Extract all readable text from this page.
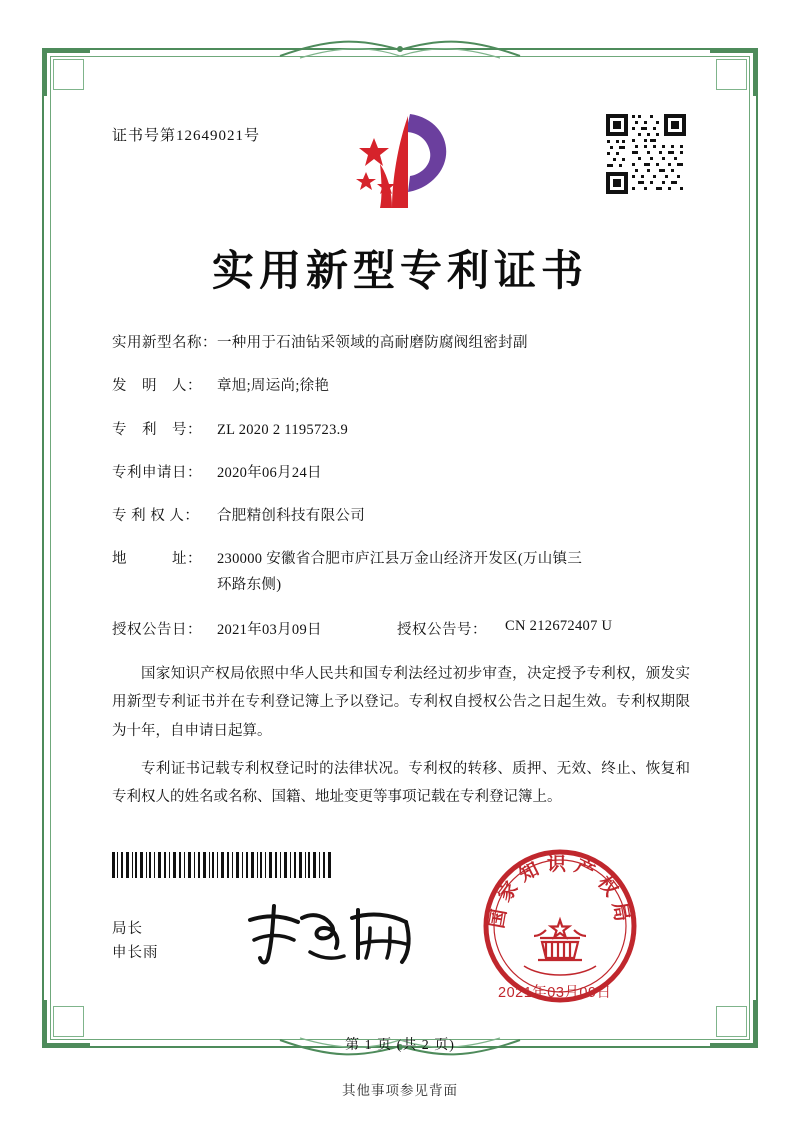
证书号第12649021号
实用新型专利证书
实用新型名称： 一种用于石油钻采领域的高耐磨防腐阀组密封副
发　明　人：	章旭;周运尚;徐艳
专　利　号：	ZL 2020 2 1195723.9
专利申请日：	2020年06月24日
专 利 权 人：	合肥精创科技有限公司
地　　　址：	230000 安徽省合肥市庐江县万金山经济开发区(万山镇三
环路东侧)
授权公告日：	2021年03月09日	授权公告号：	CN 212672407 U

国家知识产权局依照中华人民共和国专利法经过初步审查，决定授予专利权，颁发实用新型专利证书并在专利登记簿上予以登记。专利权自授权公告之日起生效。专利权期限为十年，自申请日起算。

专利证书记载专利权登记时的法律状况。专利权的转移、质押、无效、终止、恢复和专利权人的姓名或名称、国籍、地址变更等事项记载在专利登记簿上。

局长
申长雨
国家知识产权局
2021年03月09日
第 1 页 (共 2 页)
其他事项参见背面
